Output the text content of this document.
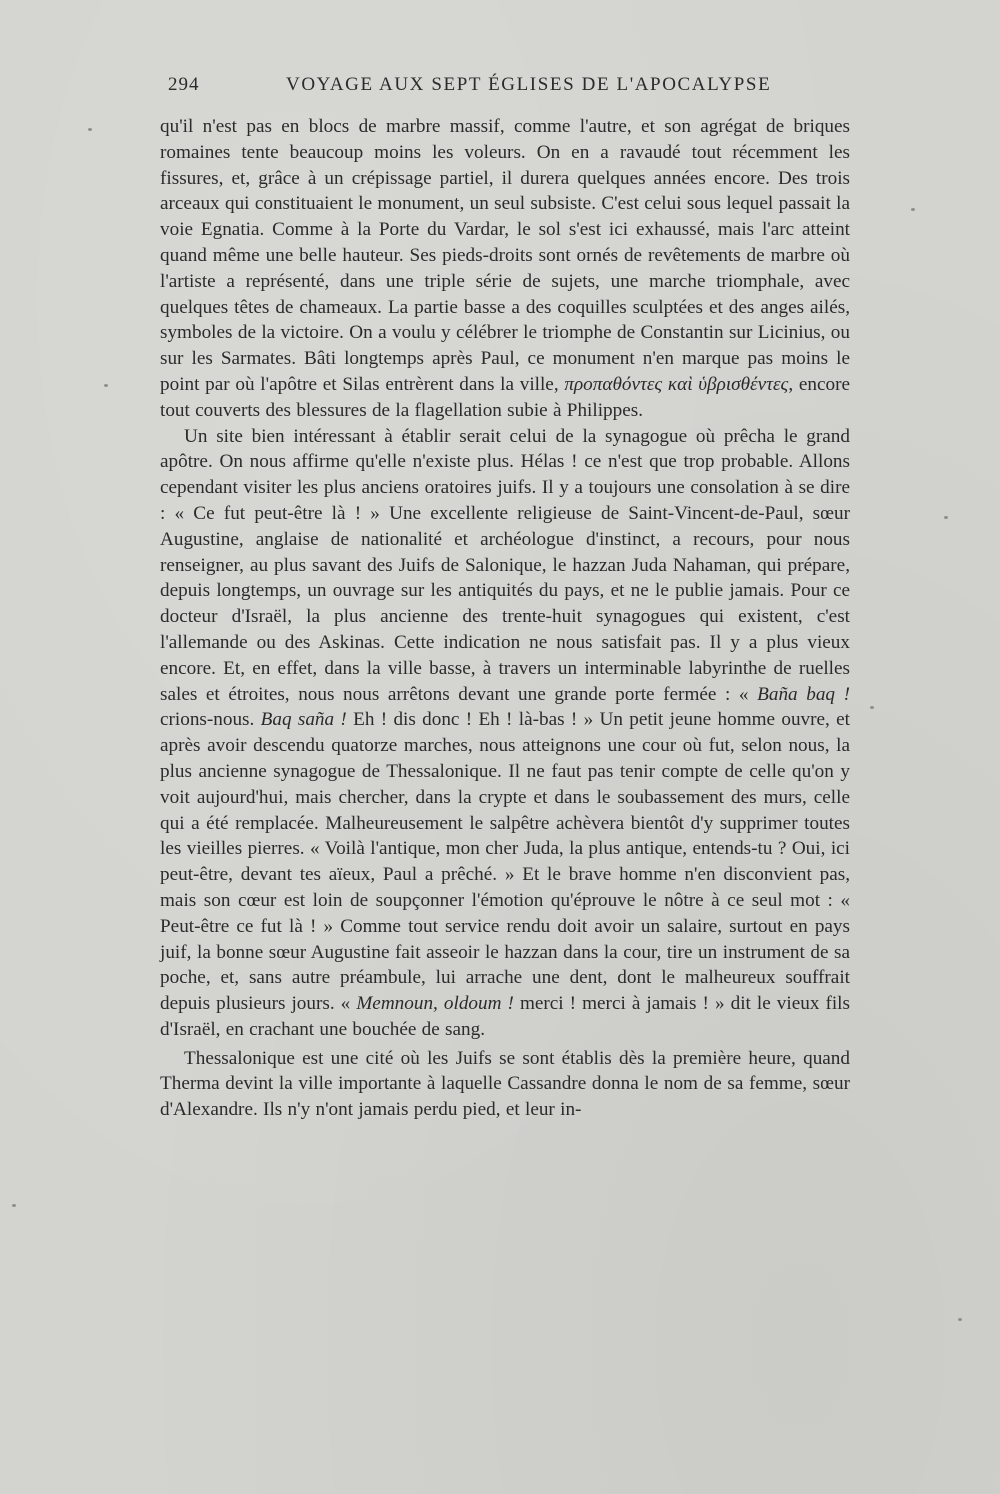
294	VOYAGE AUX SEPT ÉGLISES DE L'APOCALYPSE

qu'il n'est pas en blocs de marbre massif, comme l'autre, et son agrégat de briques romaines tente beaucoup moins les voleurs. On en a ravaudé tout récemment les fissures, et, grâce à un crépissage partiel, il durera quelques années encore. Des trois arceaux qui constituaient le monument, un seul subsiste. C'est celui sous lequel passait la voie Egnatia. Comme à la Porte du Vardar, le sol s'est ici exhaussé, mais l'arc atteint quand même une belle hauteur. Ses pieds-droits sont ornés de revêtements de marbre où l'artiste a représenté, dans une triple série de sujets, une marche triomphale, avec quelques têtes de chameaux. La partie basse a des coquilles sculptées et des anges ailés, symboles de la victoire. On a voulu y célébrer le triomphe de Constantin sur Licinius, ou sur les Sarmates. Bâti longtemps après Paul, ce monument n'en marque pas moins le point par où l'apôtre et Silas entrèrent dans la ville, προπαθόντες καὶ ὑβρισθέντες, encore tout couverts des blessures de la flagellation subie à Philippes.

Un site bien intéressant à établir serait celui de la synagogue où prêcha le grand apôtre. On nous affirme qu'elle n'existe plus. Hélas ! ce n'est que trop probable. Allons cependant visiter les plus anciens oratoires juifs. Il y a toujours une consolation à se dire : « Ce fut peut-être là ! » Une excellente religieuse de Saint-Vincent-de-Paul, sœur Augustine, anglaise de nationalité et archéologue d'instinct, a recours, pour nous renseigner, au plus savant des Juifs de Salonique, le hazzan Juda Nahaman, qui prépare, depuis longtemps, un ouvrage sur les antiquités du pays, et ne le publie jamais. Pour ce docteur d'Israël, la plus ancienne des trente-huit synagogues qui existent, c'est l'allemande ou des Askinas. Cette indication ne nous satisfait pas. Il y a plus vieux encore. Et, en effet, dans la ville basse, à travers un interminable labyrinthe de ruelles sales et étroites, nous nous arrêtons devant une grande porte fermée : « Baña baq ! crions-nous. Baq saña ! Eh ! dis donc ! Eh ! là-bas ! » Un petit jeune homme ouvre, et après avoir descendu quatorze marches, nous atteignons une cour où fut, selon nous, la plus ancienne synagogue de Thessalonique. Il ne faut pas tenir compte de celle qu'on y voit aujourd'hui, mais chercher, dans la crypte et dans le soubassement des murs, celle qui a été remplacée. Malheureusement le salpêtre achèvera bientôt d'y supprimer toutes les vieilles pierres. « Voilà l'antique, mon cher Juda, la plus antique, entends-tu ? Oui, ici peut-être, devant tes aïeux, Paul a prêché. » Et le brave homme n'en disconvient pas, mais son cœur est loin de soupçonner l'émotion qu'éprouve le nôtre à ce seul mot : « Peut-être ce fut là ! » Comme tout service rendu doit avoir un salaire, surtout en pays juif, la bonne sœur Augustine fait asseoir le hazzan dans la cour, tire un instrument de sa poche, et, sans autre préambule, lui arrache une dent, dont le malheureux souffrait depuis plusieurs jours. « Memnoun, oldoum ! merci ! merci à jamais ! » dit le vieux fils d'Israël, en crachant une bouchée de sang.

Thessalonique est une cité où les Juifs se sont établis dès la première heure, quand Therma devint la ville importante à laquelle Cassandre donna le nom de sa femme, sœur d'Alexandre. Ils n'y n'ont jamais perdu pied, et leur in-
